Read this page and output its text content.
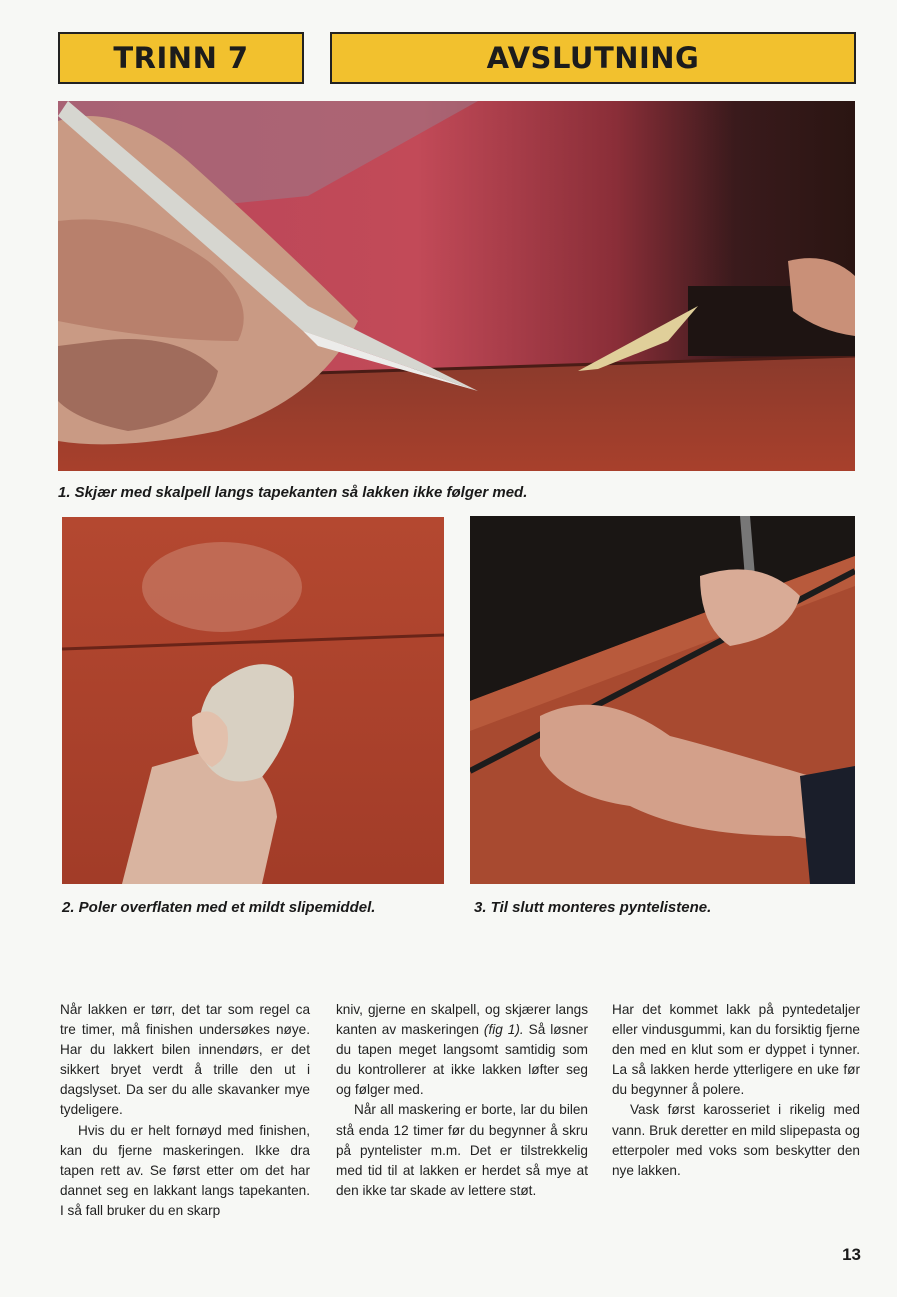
TRINN 7	AVSLUTNING
1. Skjær med skalpell langs tapekanten så lakken ikke følger med.
2. Poler overflaten med et mildt slipemiddel.	3. Til slutt monteres pyntelistene.

Når lakken er tørr, det tar som regel ca tre timer, må finishen undersøkes nøye. Har du lakkert bilen innendørs, er det sikkert bryet verdt å trille den ut i dagslyset. Da ser du alle skavanker mye tydeligere.

Hvis du er helt fornøyd med finishen, kan du fjerne maskeringen. Ikke dra tapen rett av. Se først etter om det har dannet seg en lakkant langs tapekanten. I så fall bruker du en skarp

kniv, gjerne en skalpell, og skjærer langs kanten av maskeringen (fig 1). Så løsner du tapen meget langsomt samtidig som du kontrollerer at ikke lakken løfter seg og følger med.

Når all maskering er borte, lar du bilen stå enda 12 timer før du begynner å skru på pyntelister m.m. Det er tilstrekkelig med tid til at lakken er herdet så mye at den ikke tar skade av lettere støt.

Har det kommet lakk på pyntedetaljer eller vindusgummi, kan du forsiktig fjerne den med en klut som er dyppet i tynner. La så lakken herde ytterligere en uke før du begynner å polere.

Vask først karosseriet i rikelig med vann. Bruk deretter en mild slipepasta og etterpoler med voks som beskytter den nye lakken.

13
